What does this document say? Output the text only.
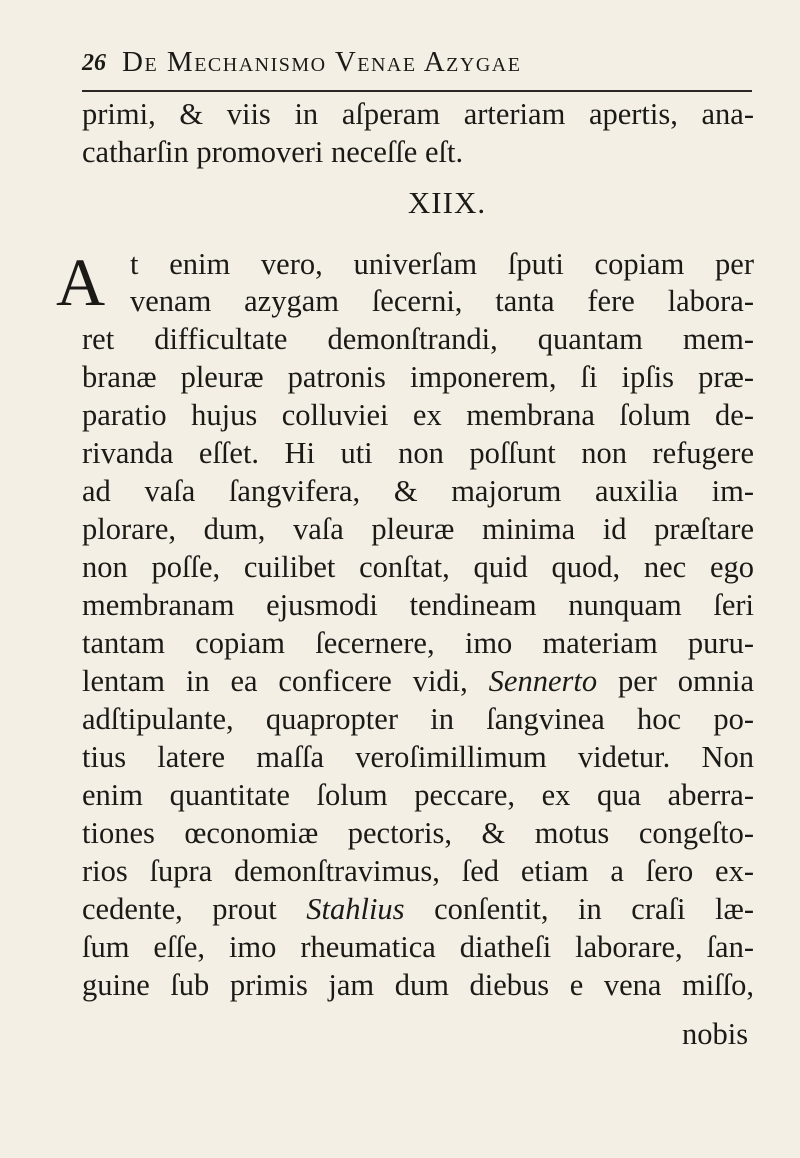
26 De Mechanismo Venae Azygae
primi, & viis in aſperam arteriam apertis, ana-
catharſin promoveri neceſſe eſt.
XIIX.
t enim vero, univerſam ſputi copiam per
venam azygam ſecerni, tanta fere labora-
ret difficultate demonſtrandi, quantam mem-
branæ pleuræ patronis imponerem, ſi ipſis præ-
paratio hujus colluviei ex membrana ſolum de-
rivanda eſſet. Hi uti non poſſunt non refugere
ad vaſa ſangvifera, & majorum auxilia im-
plorare, dum, vaſa pleuræ minima id præſtare
non poſſe, cuilibet conſtat, quid quod, nec ego
membranam ejusmodi tendineam nunquam ſeri
tantam copiam ſecernere, imo materiam puru-
lentam in ea conficere vidi, Sennerto per omnia
adſtipulante, quapropter in ſangvinea hoc po-
tius latere maſſa veroſimillimum videtur. Non
enim quantitate ſolum peccare, ex qua aberra-
tiones œconomiæ pectoris, & motus congeſto-
rios ſupra demonſtravimus, ſed etiam a ſero ex-
cedente, prout Stahlius conſentit, in craſi læ-
ſum eſſe, imo rheumatica diatheſi laborare, ſan-
guine ſub primis jam dum diebus e vena miſſo,
A
nobis
